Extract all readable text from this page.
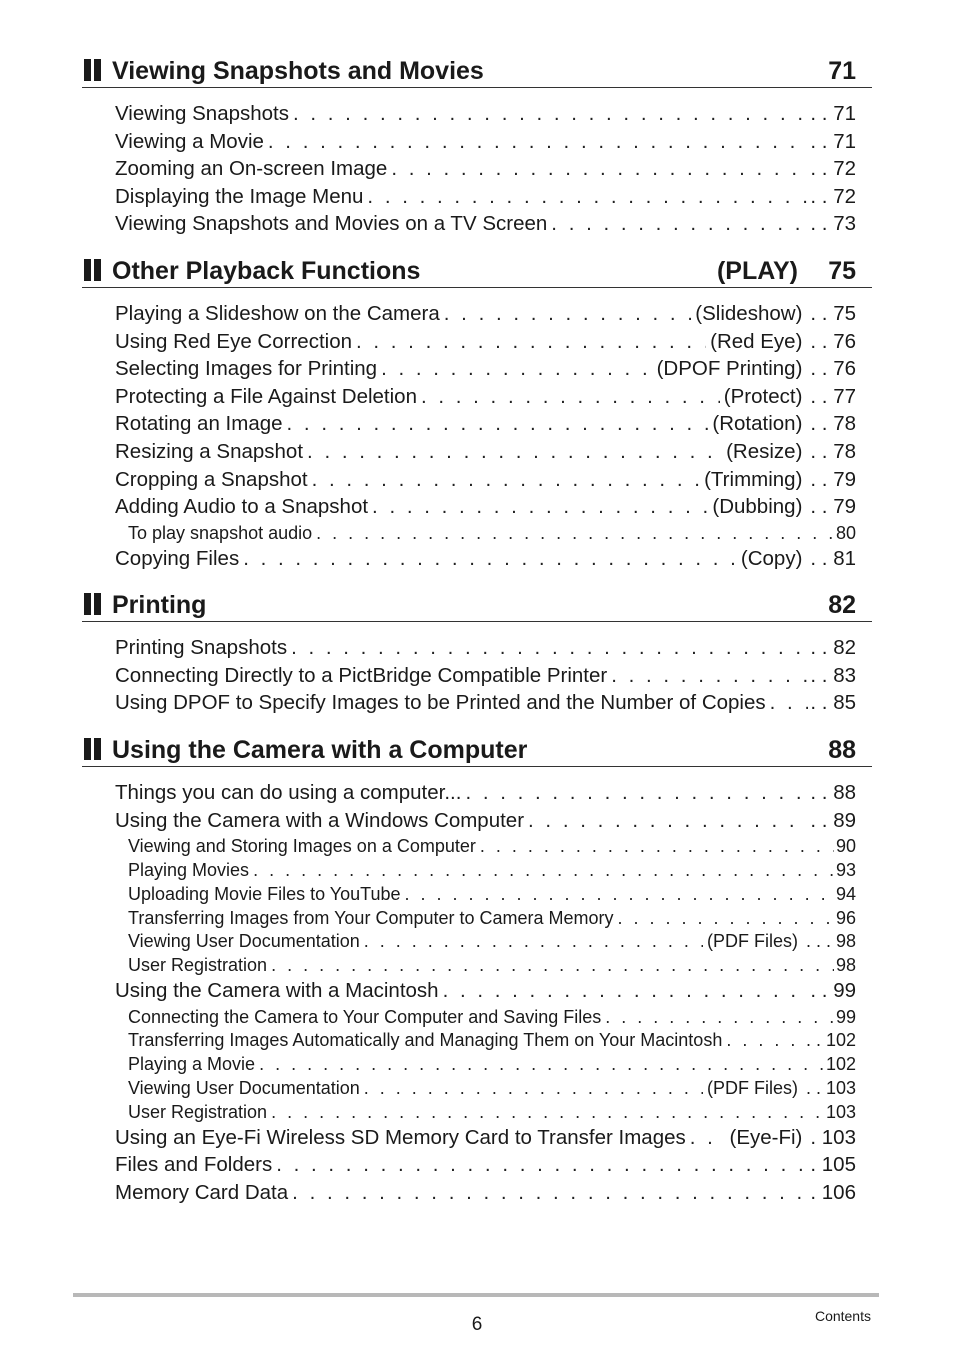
Viewing Snapshots and Movies	71
Viewing Snapshots . . .	. . 71
Viewing a Movie . . .	. . 71
Zooming an On-screen Image . . .	. . 72
Displaying the Image Menu . . .	. . 72
Viewing Snapshots and Movies on a TV Screen . . .	. . 73
Other Playback Functions	(PLAY) 75
Playing a Slideshow on the Camera . . .	(Slideshow) . . 75
Using Red Eye Correction . . .	(Red Eye) . . 76
Selecting Images for Printing . . .	(DPOF Printing) . . 76
Protecting a File Against Deletion . . .	(Protect) . . 77
Rotating an Image . . .	(Rotation) . . 78
Resizing a Snapshot . . .	(Resize) . . 78
Cropping a Snapshot . . .	(Trimming) . . 79
Adding Audio to a Snapshot . . .	(Dubbing) . . 79
To play snapshot audio . . .	80
Copying Files . . .	(Copy) . . 81
Printing	82
Printing Snapshots . . .	. . 82
Connecting Directly to a PictBridge Compatible Printer . . .	. . 83
Using DPOF to Specify Images to be Printed and the Number of Copies . . . . . 85
Using the Camera with a Computer	88
Things you can do using a computer... . . .	. . 88
Using the Camera with a Windows Computer . . .	. . 89
Viewing and Storing Images on a Computer . . .	90
Playing Movies . . .	93
Uploading Movie Files to YouTube . . .	94
Transferring Images from Your Computer to Camera Memory . . .	96
Viewing User Documentation . . .	(PDF Files) . . . 98
User Registration . . .	98
Using the Camera with a Macintosh . . .	. . 99
Connecting the Camera to Your Computer and Saving Files . . .	99
Transferring Images Automatically and Managing Them on Your Macintosh . . .	. . 102
Playing a Movie . . .	102
Viewing User Documentation . . .	(PDF Files) . . 103
User Registration . . .	103
Using an Eye-Fi Wireless SD Memory Card to Transfer Images . . . (Eye-Fi) . 103
Files and Folders . . .	. 105
Memory Card Data . . .	. 106
6	Contents
